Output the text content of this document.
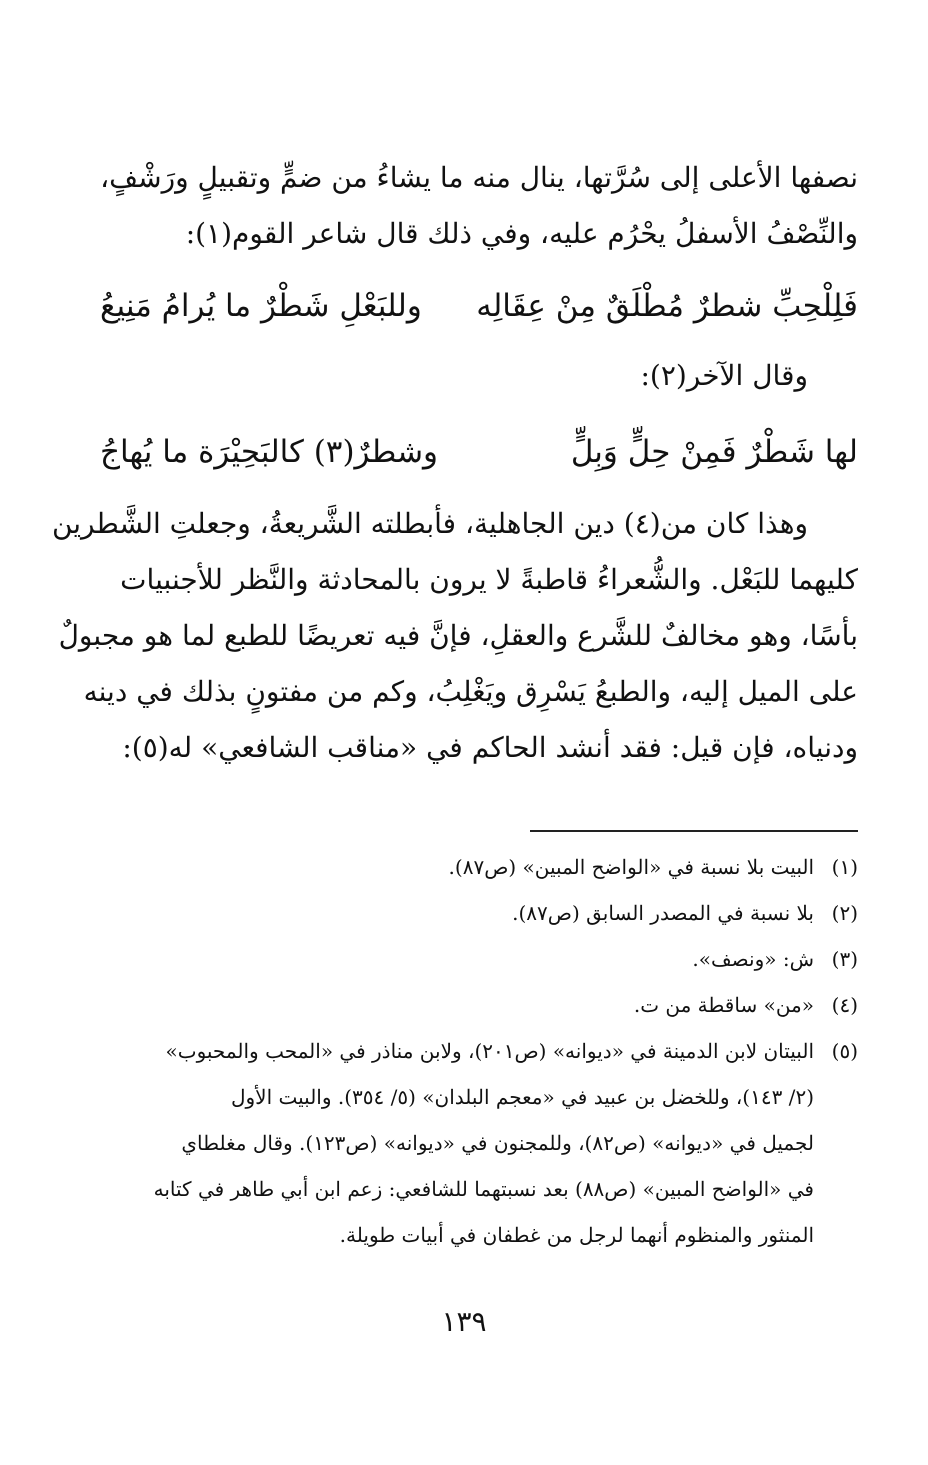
نصفها الأعلى إلى سُرَّتها، ينال منه ما يشاءُ من ضمٍّ وتقبيلٍ ورَشْفٍ،
والنِّصْفُ الأسفلُ يحْرُم عليه، وفي ذلك قال شاعر القوم(١):
فَلِلْحِبِّ شطرٌ مُطْلَقٌ مِنْ عِقَالِه
وللبَعْلِ شَطْرٌ ما يُرامُ مَنِيعُ
وقال الآخر(٢):
لها شَطْرٌ فَمِنْ حِلٍّ وَبِلٍّ
وشطرٌ(٣) كالبَحِيْرَة ما يُهاجُ
وهذا كان من(٤) دين الجاهلية، فأبطلته الشَّريعةُ، وجعلتِ الشَّطرين
كليهما للبَعْل. والشُّعراءُ قاطبةً لا يرون بالمحادثة والنَّظر للأجنبيات
بأسًا، وهو مخالفٌ للشَّرع والعقلِ، فإنَّ فيه تعريضًا للطبع لما هو مجبولٌ
على الميل إليه، والطبعُ يَسْرِق ويَغْلِبُ، وكم من مفتونٍ بذلك في دينه
ودنياه، فإن قيل: فقد أنشد الحاكم في «مناقب الشافعي» له(٥):
(١)البيت بلا نسبة في «الواضح المبين» (ص٨٧).
(٢)بلا نسبة في المصدر السابق (ص٨٧).
(٣)ش: «ونصف».
(٤)«من» ساقطة من ت.
(٥)البيتان لابن الدمينة في «ديوانه» (ص٢٠١)، ولابن مناذر في «المحب والمحبوب»
(٢/ ١٤٣)، وللخضل بن عبيد في «معجم البلدان» (٥/ ٣٥٤). والبيت الأول
لجميل في «ديوانه» (ص٨٢)، وللمجنون في «ديوانه» (ص١٢٣). وقال مغلطاي
في «الواضح المبين» (ص٨٨) بعد نسبتهما للشافعي: زعم ابن أبي طاهر في كتابه
المنثور والمنظوم أنهما لرجل من غطفان في أبيات طويلة.
١٣٩
